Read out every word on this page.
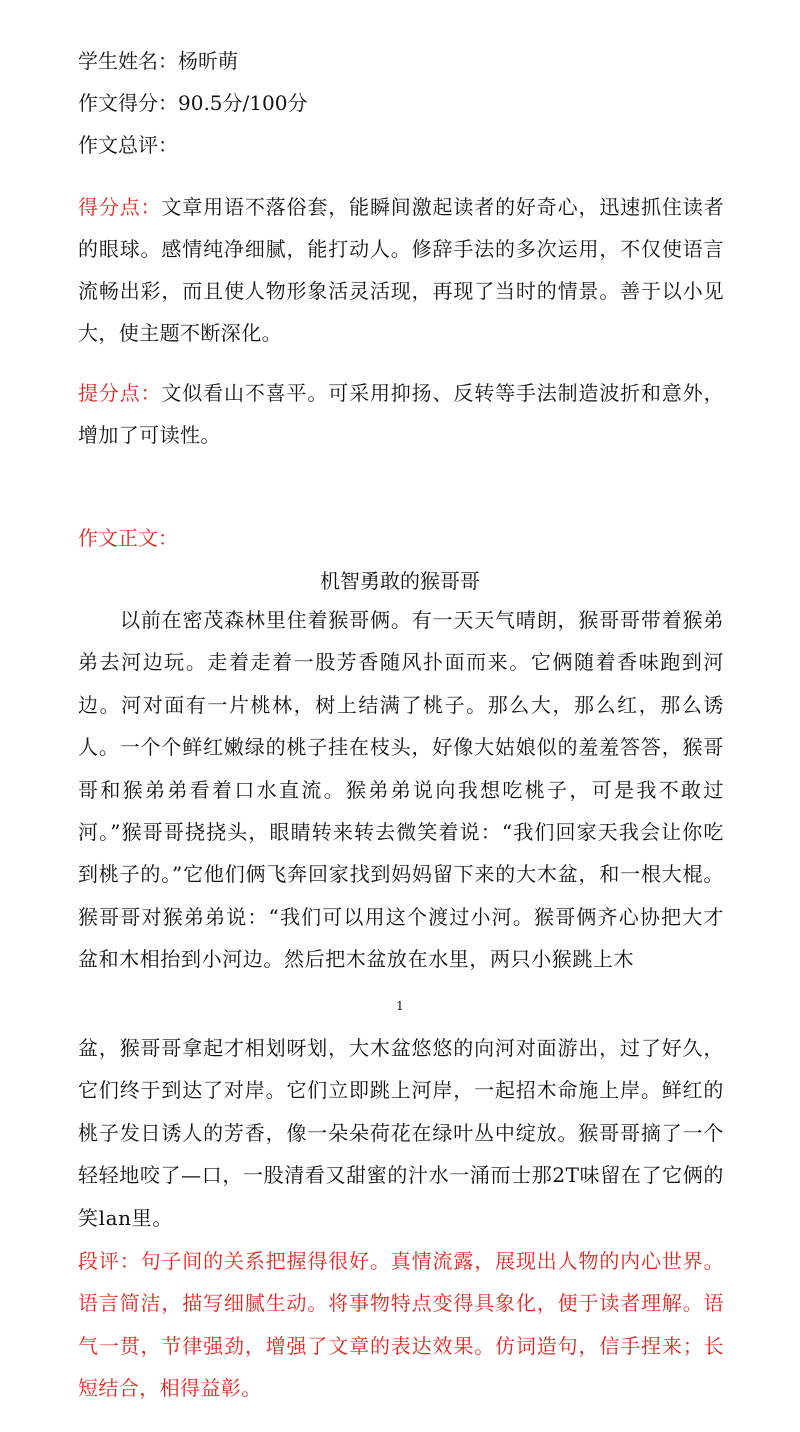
学生姓名：杨昕萌
作文得分：90.5分/100分
作文总评：
得分点：文章用语不落俗套，能瞬间激起读者的好奇心，迅速抓住读者的眼球。感情纯净细腻，能打动人。修辞手法的多次运用，不仅使语言流畅出彩，而且使人物形象活灵活现，再现了当时的情景。善于以小见大，使主题不断深化。
提分点：文似看山不喜平。可采用抑扬、反转等手法制造波折和意外，增加了可读性。
作文正文：
机智勇敢的猴哥哥
以前在密茂森林里住着猴哥俩。有一天天气晴朗，猴哥哥带着猴弟弟去河边玩。走着走着一股芳香随风扑面而来。它俩随着香味跑到河边。河对面有一片桃林，树上结满了桃子。那么大，那么红，那么诱人。一个个鲜红嫩绿的桃子挂在枝头，好像大姑娘似的羞羞答答，猴哥哥和猴弟弟看着口水直流。猴弟弟说向我想吃桃子，可是我不敢过河。”猴哥哥挠挠头，眼睛转来转去微笑着说：“我们回家天我会让你吃到桃子的。”它他们俩飞奔回家找到妈妈留下来的大木盆，和一根大棍。猴哥哥对猴弟弟说：“我们可以用这个渡过小河。猴哥俩齐心协把大才盆和木相抬到小河边。然后把木盆放在水里，两只小猴跳上木
1
盆，猴哥哥拿起才相划呀划，大木盆悠悠的向河对面游出，过了好久，它们终于到达了对岸。它们立即跳上河岸，一起招木命施上岸。鲜红的桃子发日诱人的芳香，像一朵朵荷花在绿叶丛中绽放。猴哥哥摘了一个轻轻地咬了—口，一股清看又甜蜜的汁水一涌而士那2T味留在了它俩的笑lan里。
段评：句子间的关系把握得很好。真情流露，展现出人物的内心世界。语言简洁，描写细腻生动。将事物特点变得具象化，便于读者理解。语气一贯，节律强劲，增强了文章的表达效果。仿词造句，信手捏来；长短结合，相得益彰。
